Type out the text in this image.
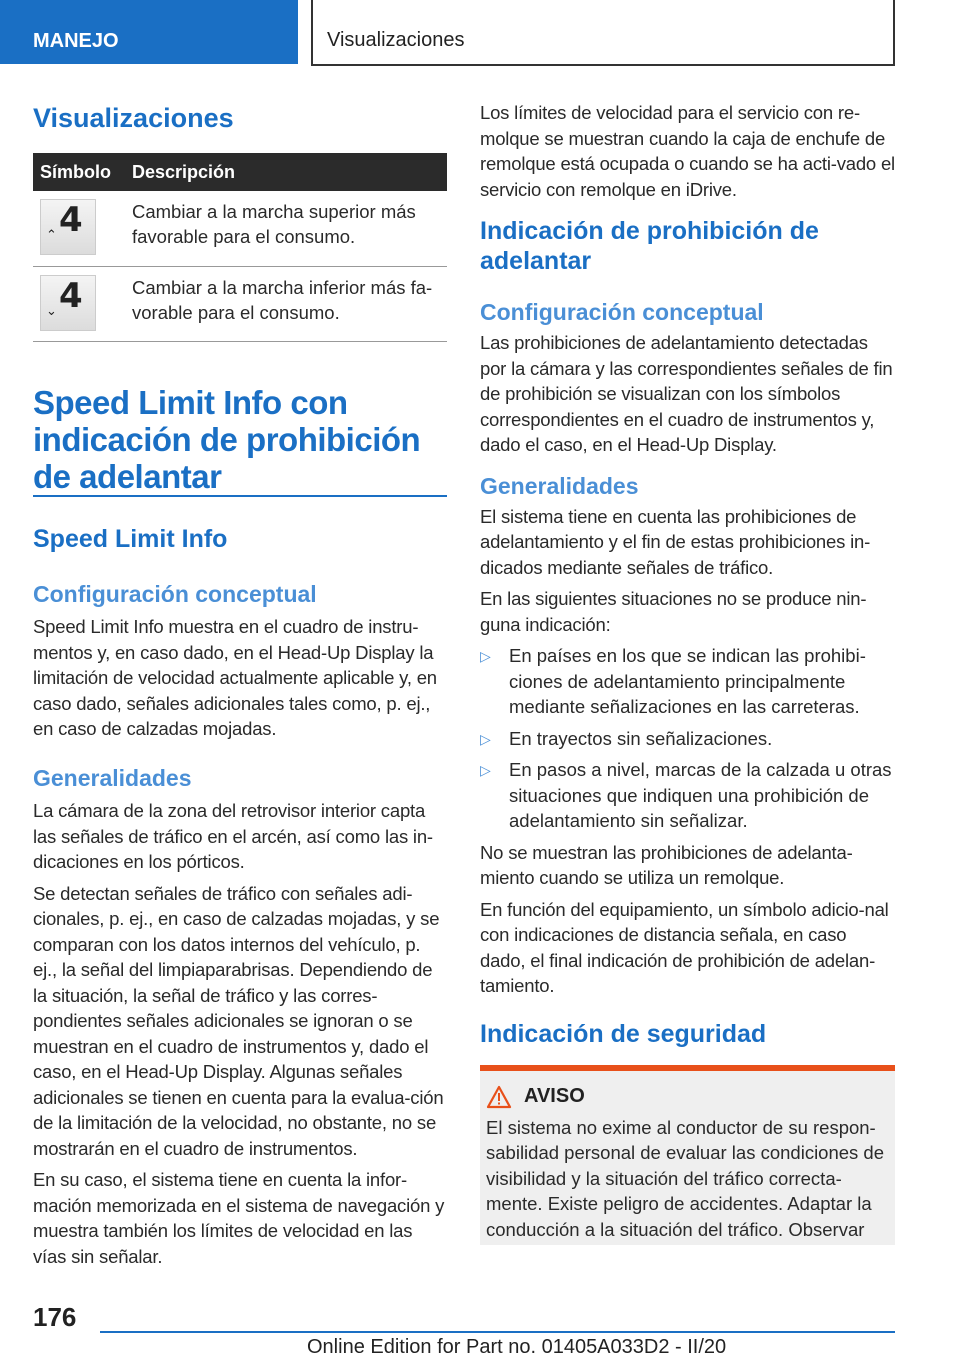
MANEJO	Visualizaciones
Visualizaciones
Símbolo	Descripción

⌃ 4	Cambiar a la marcha superior más favorable para el consumo.

⌄ 4	Cambiar a la marcha inferior más fa-vorable para el consumo.
Speed Limit Info con indicación de prohibición de adelantar
Speed Limit Info
Configuración conceptual

Speed Limit Info muestra en el cuadro de instru-mentos y, en caso dado, en el Head-Up Display la limitación de velocidad actualmente aplicable y, en caso dado, señales adicionales tales como, p. ej., en caso de calzadas mojadas.

Generalidades

La cámara de la zona del retrovisor interior capta las señales de tráfico en el arcén, así como las in-dicaciones en los pórticos.

Se detectan señales de tráfico con señales adi-cionales, p. ej., en caso de calzadas mojadas, y se comparan con los datos internos del vehículo, p. ej., la señal del limpiaparabrisas. Dependiendo de la situación, la señal de tráfico y las corres-pondientes señales adicionales se ignoran o se muestran en el cuadro de instrumentos y, dado el caso, en el Head-Up Display. Algunas señales adicionales se tienen en cuenta para la evalua-ción de la limitación de la velocidad, no obstante, no se mostrarán en el cuadro de instrumentos.

En su caso, el sistema tiene en cuenta la infor-mación memorizada en el sistema de navegación y muestra también los límites de velocidad en las vías sin señalar.

Los límites de velocidad para el servicio con re-molque se muestran cuando la caja de enchufe de remolque está ocupada o cuando se ha acti-vado el servicio con remolque en iDrive.

Indicación de prohibición de adelantar
Configuración conceptual

Las prohibiciones de adelantamiento detectadas por la cámara y las correspondientes señales de fin de prohibición se visualizan con los símbolos correspondientes en el cuadro de instrumentos y, dado el caso, en el Head-Up Display.

Generalidades

El sistema tiene en cuenta las prohibiciones de adelantamiento y el fin de estas prohibiciones in-dicados mediante señales de tráfico.

En las siguientes situaciones no se produce nin-guna indicación:

▷ En países en los que se indican las prohibi-ciones de adelantamiento principalmente mediante señalizaciones en las carreteras.
▷ En trayectos sin señalizaciones.
▷ En pasos a nivel, marcas de la calzada u otras situaciones que indiquen una prohibición de adelantamiento sin señalizar.

No se muestran las prohibiciones de adelanta-miento cuando se utiliza un remolque.

En función del equipamiento, un símbolo adicio-nal con indicaciones de distancia señala, en caso dado, el final indicación de prohibición de adelan-tamiento.

Indicación de seguridad
AVISO

El sistema no exime al conductor de su respon-sabilidad personal de evaluar las condiciones de visibilidad y la situación del tráfico correcta-mente. Existe peligro de accidentes. Adaptar la conducción a la situación del tráfico. Observar

176
Online Edition for Part no. 01405A033D2 - II/20
